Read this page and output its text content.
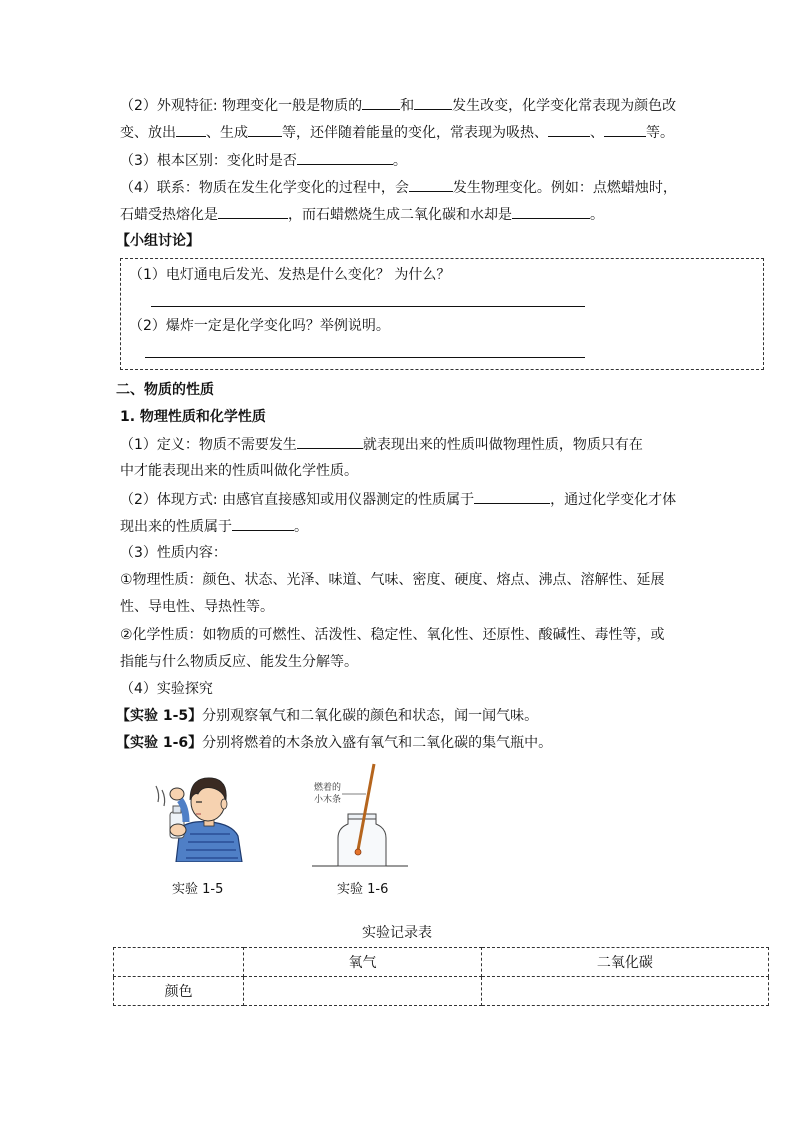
（2）外观特征: 物理变化一般是物质的	和	发生改变，化学变化常表现为颜色改
变、放出 、生成 等，还伴随着能量的变化，常表现为吸热、	、	等。
（3）根本区别：变化时是否	。
（4）联系：物质在发生化学变化的过程中，会	发生物理变化。例如：点燃蜡烛时，
石蜡受热熔化是	，而石蜡燃烧生成二氧化碳和水却是	。
【小组讨论】
（1）电灯通电后发光、发热是什么变化？ 为什么？
（2）爆炸一定是化学变化吗？举例说明。
二、物质的性质
1. 物理性质和化学性质
（1）定义：物质不需要发生	就表现出来的性质叫做物理性质，物质只有在
中才能表现出来的性质叫做化学性质。
（2）体现方式: 由感官直接感知或用仪器测定的性质属于	，通过化学变化才体
现出来的性质属于	。
（3）性质内容：
①物理性质：颜色、状态、光泽、味道、气味、密度、硬度、熔点、沸点、溶解性、延展
性、导电性、导热性等。
②化学性质：如物质的可燃性、活泼性、稳定性、氧化性、还原性、酸碱性、毒性等，或
指能与什么物质反应、能发生分解等。
（4）实验探究
【实验 1-5】分别观察氧气和二氧化碳的颜色和状态，闻一闻气味。
【实验 1-6】分别将燃着的木条放入盛有氧气和二氧化碳的集气瓶中。
实验 1-5
燃着的
小木条
实验 1-6
实验记录表
	氧气	二氧化碳
颜色		
